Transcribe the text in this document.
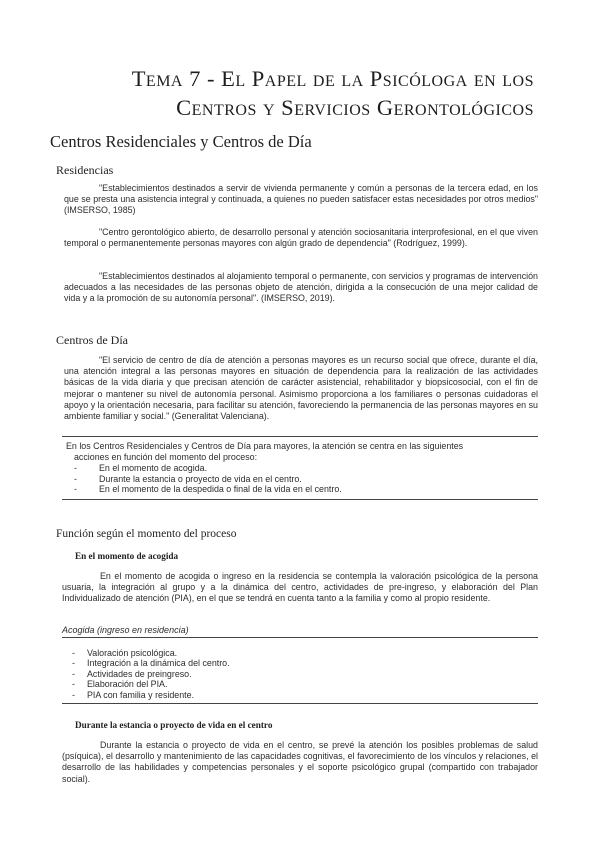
Tema 7 - El Papel de la Psicóloga en los
Centros y Servicios Gerontológicos
Centros Residenciales y Centros de Día
Residencias
"Establecimientos destinados a servir de vivienda permanente y común a personas de la tercera edad, en los que se presta una asistencia integral y continuada, a quienes no pueden satisfacer estas necesidades por otros medios" (IMSERSO, 1985)
"Centro gerontológico abierto, de desarrollo personal y atención sociosanitaria interprofesional, en el que viven temporal o permanentemente personas mayores con algún grado de dependencia" (Rodríguez, 1999).
"Establecimientos destinados al alojamiento temporal o permanente, con servicios y programas de intervención adecuados a las necesidades de las personas objeto de atención, dirigida a la consecución de una mejor calidad de vida y a la promoción de su autonomía personal". (IMSERSO, 2019).
Centros de Día
"El servicio de centro de día de atención a personas mayores es un recurso social que ofrece, durante el día, una atención integral a las personas mayores en situación de dependencia para la realización de las actividades básicas de la vida diaria y que precisan atención de carácter asistencial, rehabilitador y biopsicosocial, con el fin de mejorar o mantener su nivel de autonomía personal. Asimismo proporciona a los familiares o personas cuidadoras el apoyo y la orientación necesaria, para facilitar su atención, favoreciendo la permanencia de las personas mayores en su ambiente familiar y social." (Generalitat Valenciana).
En los Centros Residenciales y Centros de Día para mayores, la atención se centra en las siguientes
acciones en función del momento del proceso:
- En el momento de acogida.
- Durante la estancia o proyecto de vida en el centro.
- En el momento de la despedida o final de la vida en el centro.
Función según el momento del proceso
En el momento de acogida
En el momento de acogida o ingreso en la residencia se contempla la valoración psicológica de la persona usuaria, la integración al grupo y a la dinámica del centro, actividades de pre-ingreso, y elaboración del Plan Individualizado de atención (PIA), en el que se tendrá en cuenta tanto a la familia y como al propio residente.
Acogida (ingreso en residencia)
- Valoración psicológica.
- Integración a la dinámica del centro.
- Actividades de preingreso.
- Elaboración del PIA.
- PIA con familia y residente.
Durante la estancia o proyecto de vida en el centro
Durante la estancia o proyecto de vida en el centro, se prevé la atención los posibles problemas de salud (psíquica), el desarrollo y mantenimiento de las capacidades cognitivas, el favorecimiento de los vínculos y relaciones, el desarrollo de las habilidades y competencias personales y el soporte psicológico grupal (compartido con trabajador social).
